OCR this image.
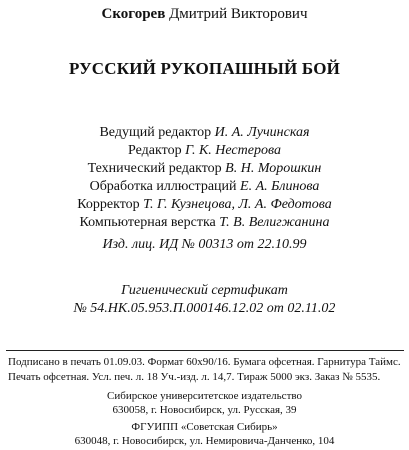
Скогорев Дмитрий Викторович
РУССКИЙ РУКОПАШНЫЙ БОЙ
Ведущий редактор И. А. Лучинская
Редактор Г. К. Нестерова
Технический редактор В. Н. Морошкин
Обработка иллюстраций Е. А. Блинова
Корректор Т. Г. Кузнецова, Л. А. Федотова
Компьютерная верстка Т. В. Велигжанина
Изд. лиц. ИД № 00313 от 22.10.99
Гигиенический сертификат
№ 54.НК.05.953.П.000146.12.02 от 02.11.02
Подписано в печать 01.09.03. Формат 60х90/16. Бумага офсетная. Гарнитура Таймс.
Печать офсетная. Усл. печ. л. 18 Уч.-изд. л. 14,7. Тираж 5000 экз. Заказ № 5535.
Сибирское университетское издательство
630058, г. Новосибирск, ул. Русская, 39
ФГУИПП «Советская Сибирь»
630048, г. Новосибирск, ул. Немировича-Данченко, 104
